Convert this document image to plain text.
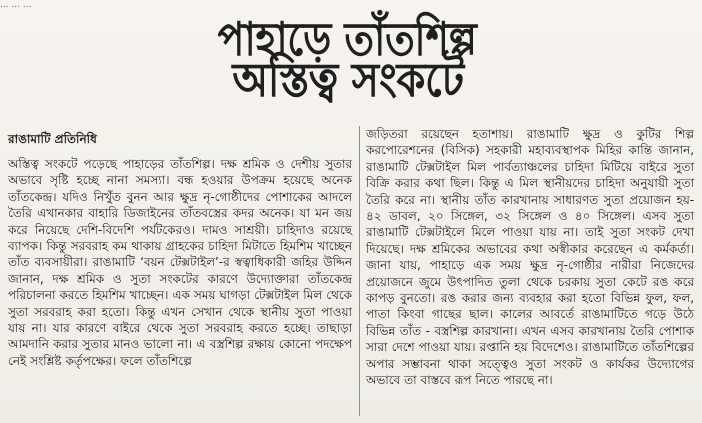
... ... ...
পাহাড়ে তাঁতশিল্প
অস্তিত্ব সংকটে
রাঙামাটি প্রতিনিধি
অস্তিত্ব সংকটে পড়েছে পাহাড়ের তাঁতশিল্প। দক্ষ শ্রমিক ও দেশীয় সুতার অভাবে সৃষ্টি হচ্ছে নানা সমস্যা। বন্ধ হওয়ার উপক্রম হয়েছে অনেক তাঁতকেন্দ্র। যদিও নিখুঁত বুনন আর ক্ষুদ্র নৃ-গোষ্ঠীদের পোশাকের আদলে তৈরি এখানকার বাহারি ডিজাইনের তাঁতবস্ত্রের কদর অনেক। যা মন জয় করে নিয়েছে দেশি-বিদেশি পর্যটকেরও। দামও সাশ্রয়ী। চাহিদাও রয়েছে ব্যাপক। কিন্তু সরবরাহ কম থাকায় গ্রাহকের চাহিদা মিটাতে হিমশিম খাচ্ছেন তাঁত ব্যবসায়ীরা। রাঙামাটি ‘বয়ন টেক্সটাইল’-র স্বত্বাধিকারী জহির উদ্দিন জানান, দক্ষ শ্রমিক ও সুতা সংকটের কারণে উদ্যোক্তারা তাঁতকেন্দ্র পরিচালনা করতে হিমশিম খাচ্ছেন। এক সময় ঘাগড়া টেক্সটাইল মিল থেকে সুতা সরবরাহ করা হতো। কিন্তু এখন সেখান থেকে স্থানীয় সুতা পাওয়া যায় না। যার কারণে বাইরে থেকে সুতা সরবরাহ করতে হচ্ছে। তাছাড়া আমদানি করার সুতার মানও ভালো না। এ বস্ত্রশিল্প রক্ষায় কোনো পদক্ষেপ নেই সংশ্লিষ্ট কর্তৃপক্ষের। ফলে তাঁতশিল্পে
জড়িতরা রয়েছেন হতাশায়। রাঙামাটি ক্ষুদ্র ও কুটির শিল্প করপোরেশনের (বিসিক) সহকারী মহাব্যবস্থাপক মিহির কান্তি জানান, রাঙামাটি টেক্সটাইল মিল পার্বত্যাঞ্চলের চাহিদা মিটিয়ে বাইরে সুতা বিক্রি করার কথা ছিল। কিন্তু এ মিল স্থানীয়দের চাহিদা অনুযায়ী সুতা তৈরি করে না। স্থানীয় তাঁত কারখানায় সাধারণত সুতা প্রয়োজন হয়- ৪২ ডাবল, ২০ সিঙ্গেল, ৩২ সিঙ্গেল ও ৪০ সিঙ্গেল। এসব সুতা রাঙামাটি টেক্সটাইলে মিলে পাওয়া যায় না। তাই সুতা সংকট দেখা দিয়েছে। দক্ষ শ্রমিকের অভাবের কথা অস্বীকার করেছেন এ কর্মকর্তা। জানা যায়, পাহাড়ে এক সময় ক্ষুদ্র নৃ-গোষ্ঠীর নারীরা নিজেদের প্রয়োজনে জুমে উৎপাদিত তুলা থেকে চরকায় সুতা কেটে রঙ করে কাপড় বুনতো। রঙ করার জন্য ব্যবহার করা হতো বিভিন্ন ফুল, ফল, পাতা কিংবা গাছের ছাল। কালের আবর্তে রাঙামাটিতে গড়ে উঠে বিভিন্ন তাঁত - বস্ত্রশিল্প কারখানা। এখন এসব কারখানায় তৈরি পোশাক সারা দেশে পাওয়া যায়। রপ্তানি হয় বিদেশেও। রাঙামাটিতে তাঁতশিল্পের অপার সম্ভাবনা থাকা সত্ত্বেও সুতা সংকট ও কার্যকর উদ্যোগের অভাবে তা বাস্তবে রূপ নিতে পারছে না।
